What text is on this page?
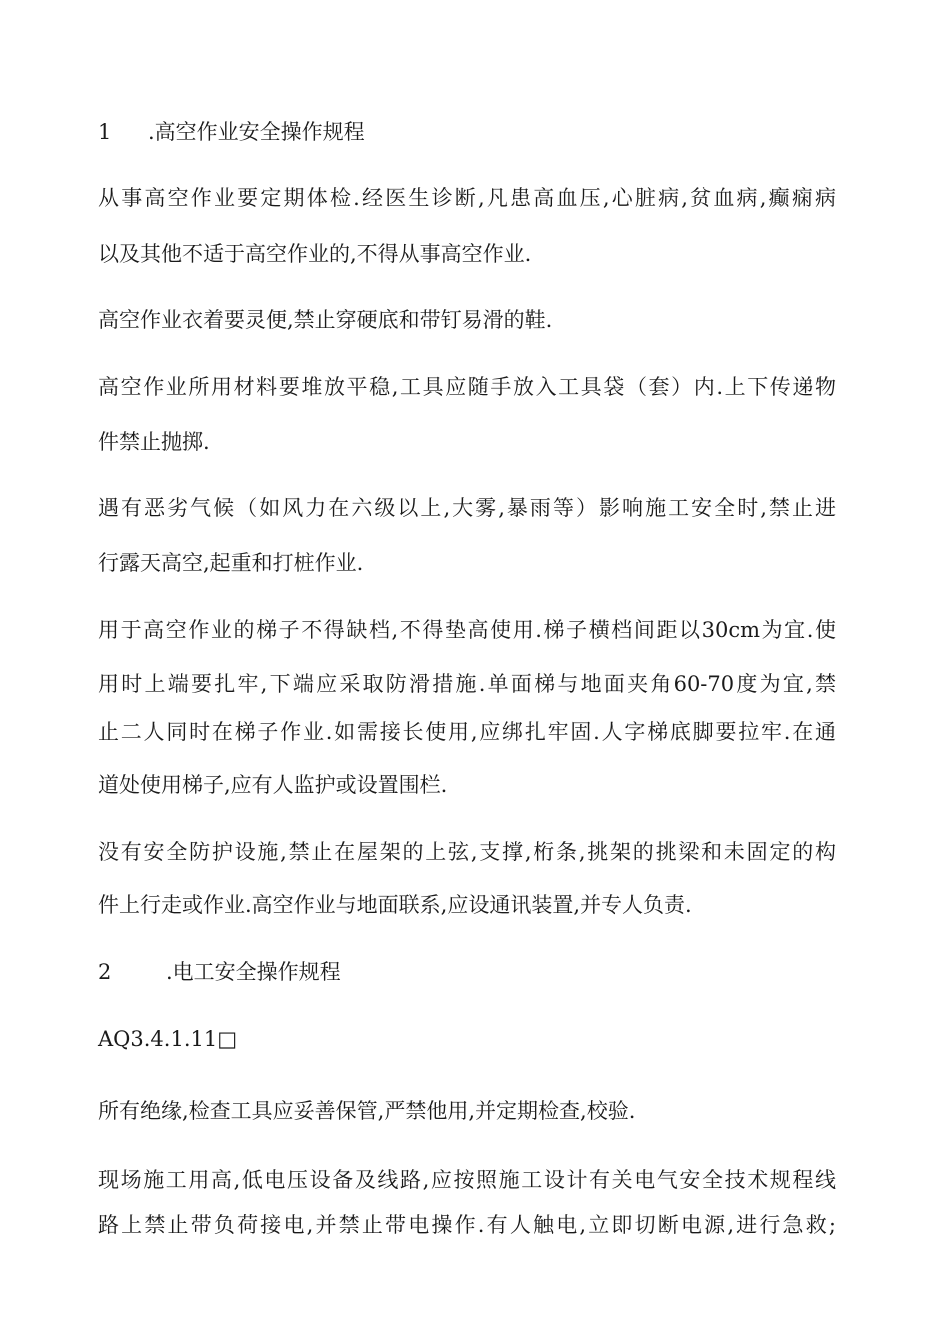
1 .高空作业安全操作规程
从事高空作业要定期体检.经医生诊断,凡患高血压,心脏病,贫血病,癫痫病
以及其他不适于高空作业的,不得从事高空作业.
高空作业衣着要灵便,禁止穿硬底和带钉易滑的鞋.
高空作业所用材料要堆放平稳,工具应随手放入工具袋（套）内.上下传递物
件禁止抛掷.
遇有恶劣气候（如风力在六级以上,大雾,暴雨等）影响施工安全时,禁止进
行露天高空,起重和打桩作业.
用于高空作业的梯子不得缺档,不得垫高使用.梯子横档间距以30cm为宜.使
用时上端要扎牢,下端应采取防滑措施.单面梯与地面夹角60-70度为宜,禁
止二人同时在梯子作业.如需接长使用,应绑扎牢固.人字梯底脚要拉牢.在通
道处使用梯子,应有人监护或设置围栏.
没有安全防护设施,禁止在屋架的上弦,支撑,桁条,挑架的挑梁和未固定的构
件上行走或作业.高空作业与地面联系,应设通讯装置,并专人负责.
2	.电工安全操作规程
AQ3.4.1.11□
所有绝缘,检查工具应妥善保管,严禁他用,并定期检查,校验.
现场施工用高,低电压设备及线路,应按照施工设计有关电气安全技术规程线
路上禁止带负荷接电,并禁止带电操作.有人触电,立即切断电源,进行急救;
